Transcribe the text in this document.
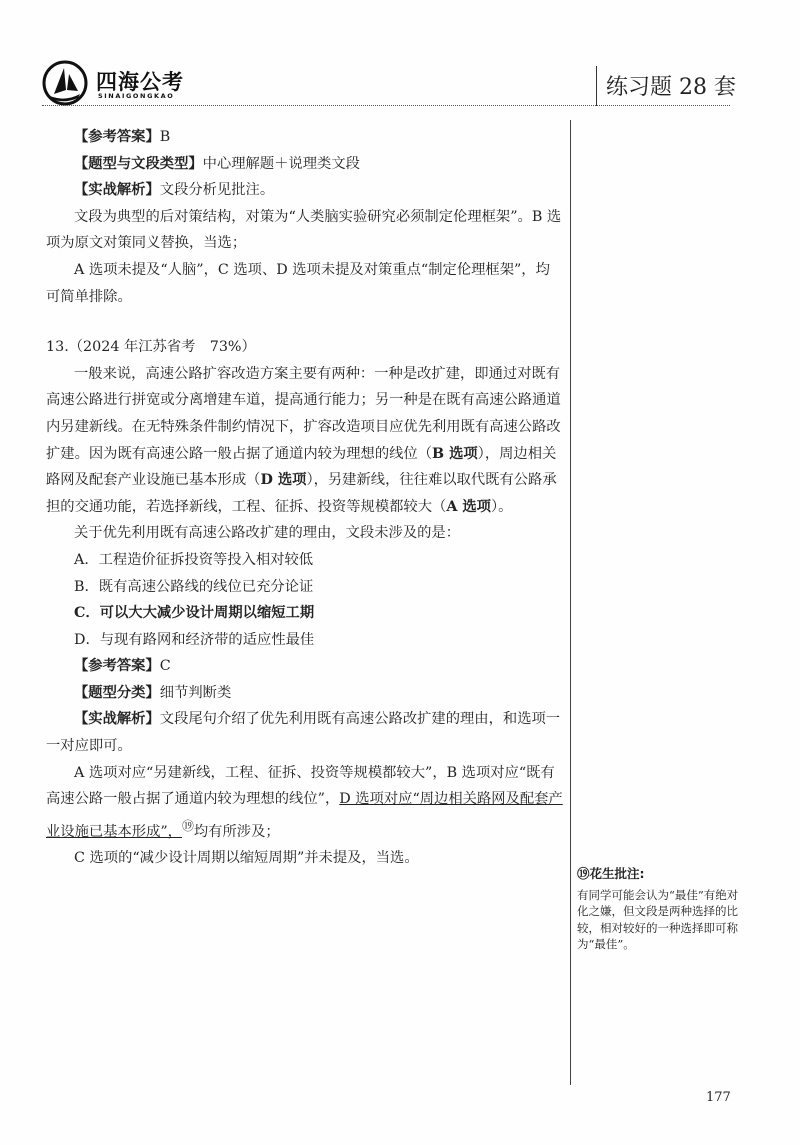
四海公考
SINAIGONGKAO	练习题 28 套

【参考答案】B

【题型与文段类型】中心理解题＋说理类文段

【实战解析】文段分析见批注。

文段为典型的后对策结构，对策为“人类脑实验研究必须制定伦理框架”。B 选项为原文对策同义替换，当选；

A 选项未提及“人脑”，C 选项、D 选项未提及对策重点“制定伦理框架”，均可简单排除。

13.（2024 年江苏省考　73%）

一般来说，高速公路扩容改造方案主要有两种：一种是改扩建，即通过对既有高速公路进行拼宽或分离增建车道，提高通行能力；另一种是在既有高速公路通道内另建新线。在无特殊条件制约情况下，扩容改造项目应优先利用既有高速公路改扩建。因为既有高速公路一般占据了通道内较为理想的线位（B 选项），周边相关路网及配套产业设施已基本形成（D 选项），另建新线，往往难以取代既有公路承担的交通功能，若选择新线，工程、征拆、投资等规模都较大（A 选项）。

关于优先利用既有高速公路改扩建的理由，文段未涉及的是：

A．工程造价征拆投资等投入相对较低

B．既有高速公路线的线位已充分论证

C．可以大大减少设计周期以缩短工期

D．与现有路网和经济带的适应性最佳

【参考答案】C

【题型分类】细节判断类

【实战解析】文段尾句介绍了优先利用既有高速公路改扩建的理由，和选项一一对应即可。

A 选项对应“另建新线，工程、征拆、投资等规模都较大”，B 选项对应“既有高速公路一般占据了通道内较为理想的线位”，D 选项对应“周边相关路网及配套产业设施已基本形成”，⑲均有所涉及；

C 选项的“减少设计周期以缩短周期”并未提及，当选。

⑲花生批注:
有同学可能会认为“最佳”有绝对化之嫌，但文段是两种选择的比较，相对较好的一种选择即可称为“最佳”。
177
